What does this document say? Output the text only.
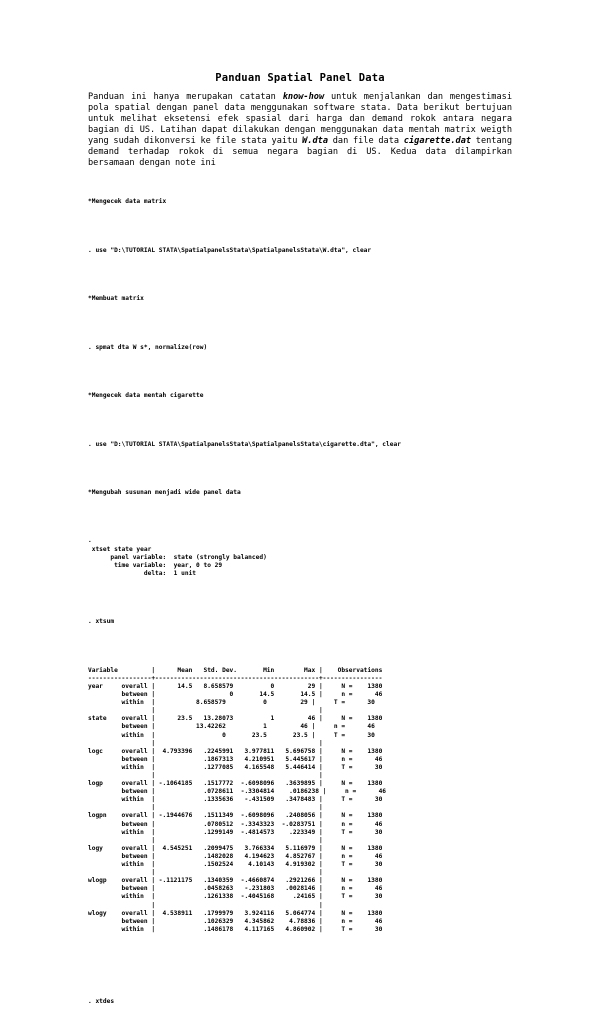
Panduan Spatial Panel Data
Panduan ini hanya merupakan catatan know-how untuk menjalankan dan mengestimasi pola spatial dengan panel data menggunakan software stata. Data berikut bertujuan untuk melihat eksetensi efek spasial dari harga dan demand rokok antara negara bagian di US. Latihan dapat dilakukan dengan menggunakan data mentah matrix weigth yang sudah dikonversi ke file stata yaitu W.dta dan file data cigarette.dat tentang demand terhadap rokok di semua negara bagian di US. Kedua data dilampirkan bersamaan dengan note ini

*Mengecek data matrix

. use "D:\TUTORIAL STATA\SpatialpanelsStata\SpatialpanelsStata\W.dta", clear

*Membuat matrix

. spmat dta W s*, normalize(row)

*Mengecek data mentah cigarette

. use "D:\TUTORIAL STATA\SpatialpanelsStata\SpatialpanelsStata\cigarette.dta", clear

*Mengubah susunan menjadi wide panel data

.
xtset state year
panel variable:  state (strongly balanced)
time variable:  year, 0 to 29
delta:  1 unit

. xtsum

Variable         |      Mean   Std. Dev.       Min        Max |    Observations
-----------------+--------------------------------------------+----------------
year     overall |      14.5   8.658579          0         29 |     N =    1380
between |                    0       14.5       14.5 |     n =      46
within  |           8.658579          0         29 |     T =      30
|                                            |
state    overall |      23.5   13.28073          1         46 |     N =    1380
between |           13.42262          1         46 |     n =      46
within  |                  0       23.5       23.5 |     T =      30
|                                            |
logc     overall |  4.793396   .2245991   3.977811   5.696758 |     N =    1380
between |             .1867313   4.210951   5.445617 |     n =      46
within  |             .1277085   4.165548   5.446414 |     T =      30
|                                            |
logp     overall | -.1064185   .1517772  -.6098096   .3639895 |     N =    1380
between |             .0728611  -.3304814    .0186238 |     n =      46
within  |             .1335636   -.431509   .3478483 |     T =      30
|                                            |
logpn    overall | -.1944676   .1511349  -.6098096   .2408056 |     N =    1380
between |             .0780512  -.3343323  -.0283751 |     n =      46
within  |             .1299149  -.4814573    .223349 |     T =      30
|                                            |
logy     overall |  4.545251   .2099475   3.766334   5.116979 |     N =    1380
between |             .1482028   4.194623   4.852767 |     n =      46
within  |             .1502524    4.10143   4.919302 |     T =      30
|                                            |
wlogp    overall | -.1121175   .1340359  -.4660874   .2921266 |     N =    1380
between |             .0458263   -.231803   .0028146 |     n =      46
within  |             .1261338  -.4045168     .24165 |     T =      30
|                                            |
wlogy    overall |  4.538911   .1799979   3.924116   5.064774 |     N =    1380
between |             .1026329   4.345862    4.78836 |     n =      46
within  |             .1486178   4.117165   4.860902 |     T =      30

. xtdes
